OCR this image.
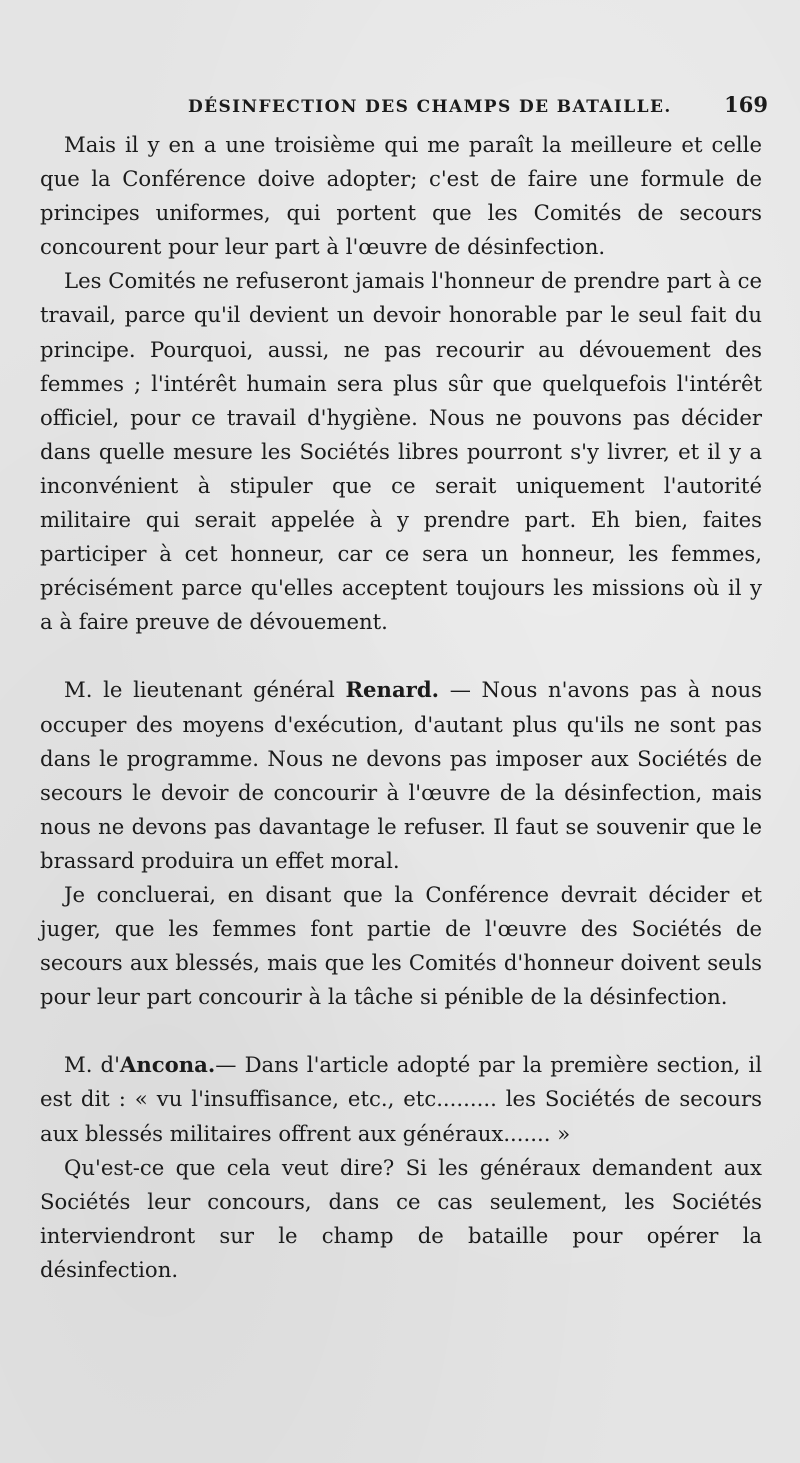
DÉSINFECTION DES CHAMPS DE BATAILLE. 169

Mais il y en a une troisième qui me paraît la meilleure et celle que la Conférence doive adopter; c'est de faire une formule de principes uniformes, qui portent que les Comités de secours concourent pour leur part à l'œuvre de désinfection.

Les Comités ne refuseront jamais l'honneur de prendre part à ce travail, parce qu'il devient un devoir honorable par le seul fait du principe. Pourquoi, aussi, ne pas recourir au dévouement des femmes ; l'intérêt humain sera plus sûr que quelquefois l'intérêt officiel, pour ce travail d'hygiène. Nous ne pouvons pas décider dans quelle mesure les Sociétés libres pourront s'y livrer, et il y a inconvénient à stipuler que ce serait uniquement l'autorité militaire qui serait appelée à y prendre part. Eh bien, faites participer à cet honneur, car ce sera un honneur, les femmes, précisément parce qu'elles acceptent toujours les missions où il y a à faire preuve de dévouement.

M. le lieutenant général Renard. — Nous n'avons pas à nous occuper des moyens d'exécution, d'autant plus qu'ils ne sont pas dans le programme. Nous ne devons pas imposer aux Sociétés de secours le devoir de concourir à l'œuvre de la désinfection, mais nous ne devons pas davantage le refuser. Il faut se souvenir que le brassard produira un effet moral.

Je concluerai, en disant que la Conférence devrait décider et juger, que les femmes font partie de l'œuvre des Sociétés de secours aux blessés, mais que les Comités d'honneur doivent seuls pour leur part concourir à la tâche si pénible de la désinfection.

M. d'Ancona.— Dans l'article adopté par la première section, il est dit : « vu l'insuffisance, etc., etc......... les Sociétés de secours aux blessés militaires offrent aux généraux....... »

Qu'est-ce que cela veut dire? Si les généraux demandent aux Sociétés leur concours, dans ce cas seulement, les Sociétés interviendront sur le champ de bataille pour opérer la désinfection.
